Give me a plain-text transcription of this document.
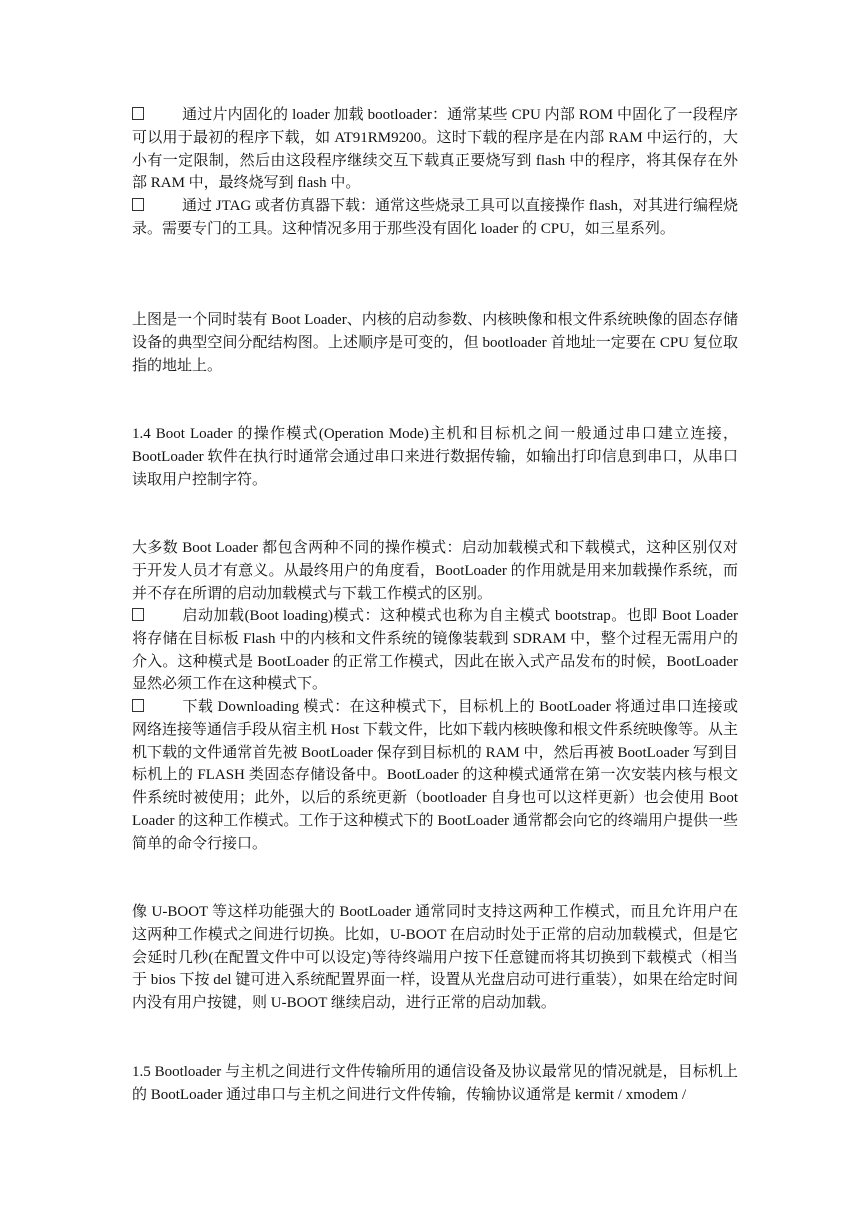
通过片内固化的 loader 加载 bootloader：通常某些 CPU 内部 ROM 中固化了一段程序可以用于最初的程序下载，如 AT91RM9200。这时下载的程序是在内部 RAM 中运行的，大小有一定限制，然后由这段程序继续交互下载真正要烧写到 flash 中的程序，将其保存在外部 RAM 中，最终烧写到 flash 中。

通过 JTAG 或者仿真器下载：通常这些烧录工具可以直接操作 flash，对其进行编程烧录。需要专门的工具。这种情况多用于那些没有固化 loader 的 CPU，如三星系列。

上图是一个同时装有 Boot Loader、内核的启动参数、内核映像和根文件系统映像的固态存储设备的典型空间分配结构图。上述顺序是可变的，但 bootloader 首地址一定要在 CPU 复位取指的地址上。

1.4 Boot Loader 的操作模式(Operation Mode)主机和目标机之间一般通过串口建立连接，BootLoader 软件在执行时通常会通过串口来进行数据传输，如输出打印信息到串口，从串口读取用户控制字符。

大多数 Boot Loader 都包含两种不同的操作模式：启动加载模式和下载模式，这种区别仅对于开发人员才有意义。从最终用户的角度看，BootLoader 的作用就是用来加载操作系统，而并不存在所谓的启动加载模式与下载工作模式的区别。

启动加载(Boot loading)模式：这种模式也称为自主模式 bootstrap。也即 Boot Loader 将存储在目标板 Flash 中的内核和文件系统的镜像装载到 SDRAM 中，整个过程无需用户的介入。这种模式是 BootLoader 的正常工作模式，因此在嵌入式产品发布的时候，BootLoader 显然必须工作在这种模式下。

下载 Downloading 模式：在这种模式下，目标机上的 BootLoader 将通过串口连接或网络连接等通信手段从宿主机 Host 下载文件，比如下载内核映像和根文件系统映像等。从主机下载的文件通常首先被 BootLoader 保存到目标机的 RAM 中，然后再被 BootLoader 写到目标机上的 FLASH 类固态存储设备中。BootLoader 的这种模式通常在第一次安装内核与根文件系统时被使用；此外，以后的系统更新（bootloader 自身也可以这样更新）也会使用 Boot Loader 的这种工作模式。工作于这种模式下的 BootLoader 通常都会向它的终端用户提供一些简单的命令行接口。

像 U-BOOT 等这样功能强大的 BootLoader 通常同时支持这两种工作模式，而且允许用户在这两种工作模式之间进行切换。比如，U-BOOT 在启动时处于正常的启动加载模式，但是它会延时几秒(在配置文件中可以设定)等待终端用户按下任意键而将其切换到下载模式（相当于 bios 下按 del 键可进入系统配置界面一样，设置从光盘启动可进行重装），如果在给定时间内没有用户按键，则 U-BOOT 继续启动，进行正常的启动加载。

1.5 Bootloader 与主机之间进行文件传输所用的通信设备及协议最常见的情况就是，目标机上的 BootLoader 通过串口与主机之间进行文件传输，传输协议通常是 kermit / xmodem /
